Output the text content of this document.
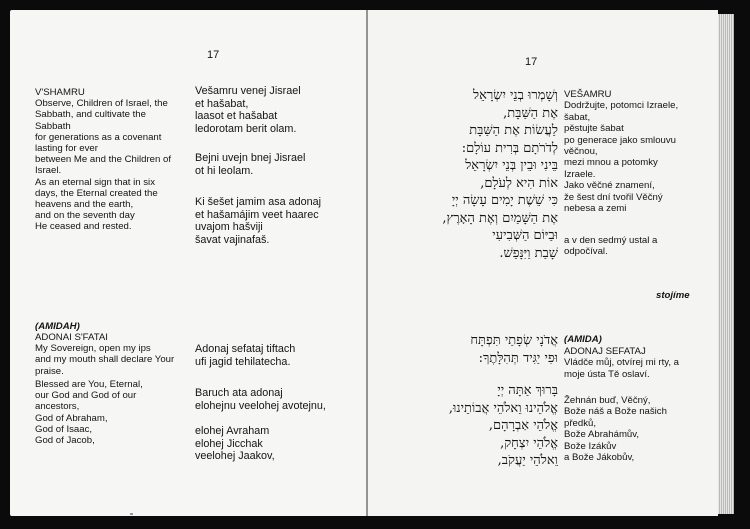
17
V'SHAMRU
Observe, Children of Israel, the
Sabbath, and cultivate the
Sabbath
for generations as a covenant
lasting for ever
between Me and the Children of
Israel.
As an eternal sign that in six
days, the Eternal created the
heavens and the earth,
and on the seventh day
He ceased and rested.
Vešamru venej Jisrael
et hašabat,
laasot et hašabat
ledorotam berit olam.
Bejni uvejn bnej Jisrael
ot hi leolam.
Ki šešet jamim asa adonaj
et hašamájim veet haarec
uvajom hašviji
šavat vajinafaš.
(AMIDAH)
ADONAI S'FATAI
My Sovereign, open my ips
and my mouth shall declare Your
praise.
Blessed are You, Eternal,
our God and God of our
ancestors,
God of Abraham,
God of Isaac,
God of Jacob,
Adonaj sefataj tiftach
ufi jagid tehilatecha.
Baruch ata adonaj
elohejnu veelohej avotejnu,
elohej Avraham
elohej Jicchak
veelohej Jaakov,
17
וְשָׁמְרוּ בְנֵי יִשְׂרָאֵל
אֶת הַשַּׁבָּת,
לַעֲשׂוֹת אֶת הַשַּׁבָּת
לְדֹרֹתָם בְּרִית עוֹלָם:
בֵּינִי וּבֵין בְּנֵי יִשְׂרָאֵל
אוֹת הִיא לְעֹלָם,
כִּי שֵׁשֶׁת יָמִים עָשָׂה יְיָ
אֶת הַשָּׁמַיִם וְאֶת הָאָרֶץ,
וּבַיּוֹם הַשְּׁבִיעִי
שָׁבַת וַיִּנָּפַשׁ.
VEŠAMRU
Dodržujte, potomci Izraele,
šabat,
pěstujte šabat
po generace jako smlouvu
věčnou,
mezi mnou a potomky
Izraele.
Jako věčné znamení,
že šest dní tvořil Věčný
nebesa a zemi
a v den sedmý ustal a
odpočíval.
stojíme
אֲדֹנָי שְׂפָתַי תִּפְתָּח
וּפִי יַגִּיד תְּהִלָּתֶךָ:
בָּרוּךְ אַתָּה יְיָ
אֱלֹהֵינוּ וֵאלֹהֵי אֲבוֹתֵינוּ,
אֱלֹהֵי אַבְרָהָם,
אֱלֹהֵי יִצְחָק,
וֵאלֹהֵי יַעֲקֹב,
(AMIDA)
ADONAJ SEFATAJ
Vládče můj, otvírej mi rty, a
moje ústa Tě oslaví.
Žehnán buď, Věčný,
Bože náš a Bože našich
předků,
Bože Abrahámův,
Bože Izákův
a Bože Jákobův,
